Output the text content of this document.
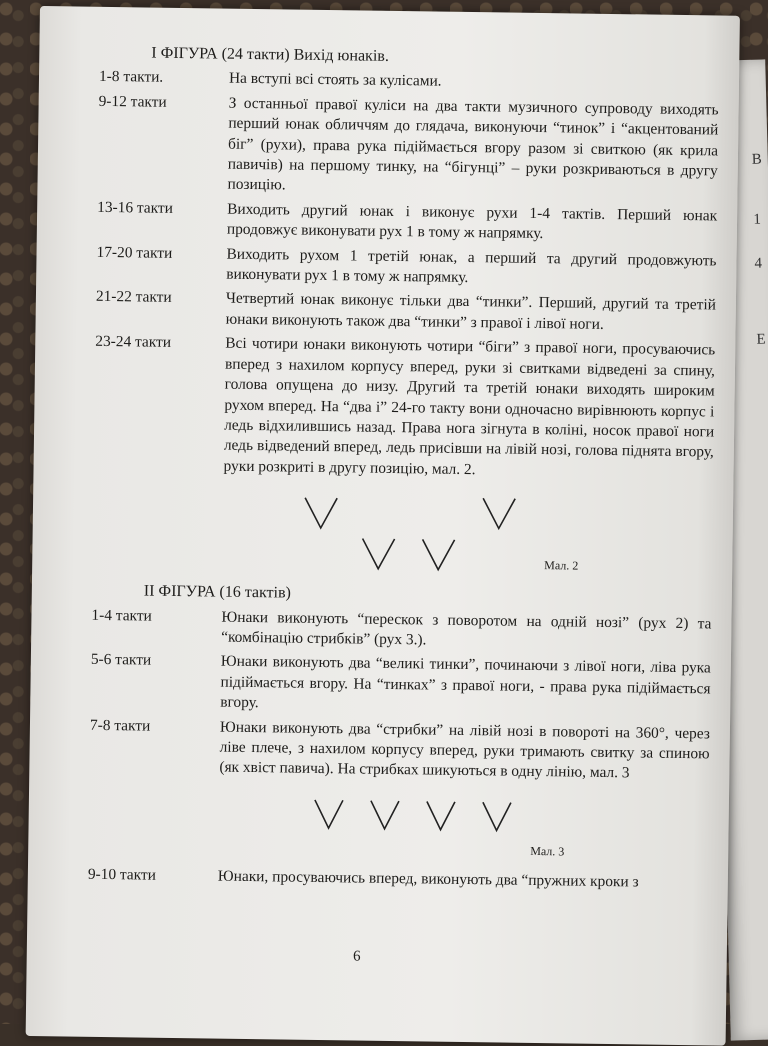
В
1
4
Е
І ФІГУРА (24 такти) Вихід юнаків.
1-8 такти.	На вступі всі стоять за кулісами.
9-12 такти	З останньої правої куліси на два такти музичного супроводу виходять перший юнак обличчям до глядача, виконуючи “тинок” і “акцентований біг” (рухи), права рука підіймається вгору разом зі свиткою (як крила павичів) на першому тинку, на “бігунці” – руки розкриваються в другу позицію.
13-16 такти	Виходить другий юнак і виконує рухи 1-4 тактів. Перший юнак продовжує виконувати рух 1 в тому ж напрямку.
17-20 такти	Виходить рухом 1 третій юнак, а перший та другий продовжують виконувати рух 1 в тому ж напрямку.
21-22 такти	Четвертий юнак виконує тільки два “тинки”. Перший, другий та третій юнаки виконують також два “тинки” з правої і лівої ноги.
23-24 такти	Всі чотири юнаки виконують чотири “біги” з правої ноги, просуваючись вперед з нахилом корпусу вперед, руки зі свитками відведені за спину, голова опущена до низу. Другий та третій юнаки виходять широким рухом вперед. На “два і” 24-го такту вони одночасно вирівнюють корпус і ледь відхилившись назад. Права нога зігнута в коліні, носок правої ноги ледь відведений вперед, ледь присівши на лівій нозі, голова піднята вгору, руки розкриті в другу позицію, мал. 2.
Мал. 2
ІІ ФІГУРА (16 тактів)
1-4 такти	Юнаки виконують “перескок з поворотом на одній нозі” (рух 2) та “комбінацію стрибків” (рух 3.).
5-6 такти	Юнаки виконують два “великі тинки”, починаючи з лівої ноги, ліва рука підіймається вгору. На “тинках” з правої ноги, - права рука підіймається вгору.
7-8 такти	Юнаки виконують два “стрибки” на лівій нозі в повороті на 360°, через ліве плече, з нахилом корпусу вперед, руки тримають свитку за спиною (як хвіст павича). На стрибках шикуються в одну лінію, мал. 3
Мал. 3
9-10 такти	Юнаки, просуваючись вперед, виконують два “пружних кроки з
6
